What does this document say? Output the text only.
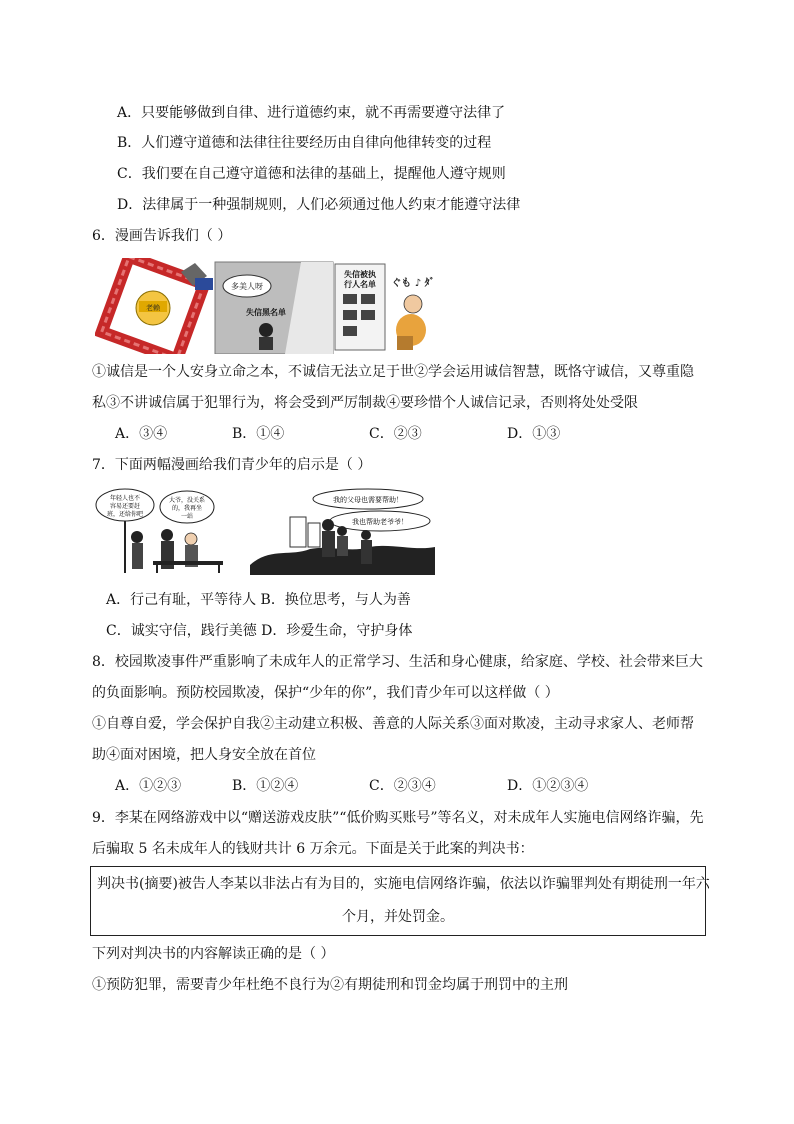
A．只要能够做到自律、进行道德约束，就不再需要遵守法律了
B．人们遵守道德和法律往往要经历由自律向他律转变的过程
C．我们要在自己遵守道德和法律的基础上，提醒他人遵守规则
D．法律属于一种强制规则，人们必须通过他人约束才能遵守法律
6．漫画告诉我们（ ）
老赖
多美人呀
失信黑名单
失信被执
行人名单 ぐも ♪ ﾀﾞ
①诚信是一个人安身立命之本，不诚信无法立足于世②学会运用诚信智慧，既恪守诚信，又尊重隐
私③不讲诚信属于犯罪行为，将会受到严厉制裁④要珍惜个人诚信记录，否则将处处受限
A．③④	B．①④	C．②③	D．①③
7．下面两幅漫画给我们青少年的启示是（ ）
年轻人也不
容易还要赶
班，还给你吧
大爷，没关系
的，我再坐
一站
我的父母也需要帮助！
我也帮助老爷爷！
A．行己有耻，平等待人 B．换位思考，与人为善
C．诚实守信，践行美德 D．珍爱生命，守护身体
8．校园欺凌事件严重影响了未成年人的正常学习、生活和身心健康，给家庭、学校、社会带来巨大
的负面影响。预防校园欺凌，保护“少年的你”，我们青少年可以这样做（ ）
①自尊自爱，学会保护自我②主动建立积极、善意的人际关系③面对欺凌，主动寻求家人、老师帮
助④面对困境，把人身安全放在首位
A．①②③	B．①②④	C．②③④	D．①②③④
9．李某在网络游戏中以“赠送游戏皮肤”“低价购买账号”等名义，对未成年人实施电信网络诈骗，先
后骗取 5 名未成年人的钱财共计 6 万余元。下面是关于此案的判决书：
判决书(摘要)被告人李某以非法占有为目的，实施电信网络诈骗，依法以诈骗罪判处有期徒刑一年六
个月，并处罚金。
下列对判决书的内容解读正确的是（ ）
①预防犯罪，需要青少年杜绝不良行为②有期徒刑和罚金均属于刑罚中的主刑
